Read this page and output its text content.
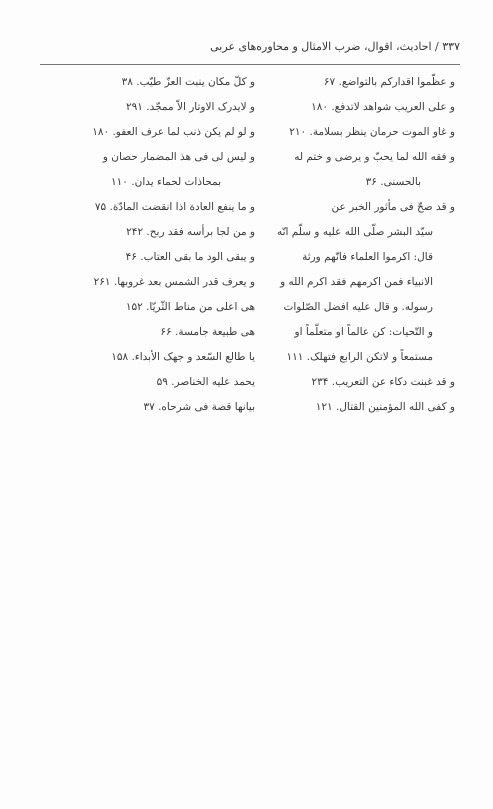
۳۳۷ / احادیث، اقوال، ضرب الامثال و محاوره‌های عربی
و عظّموا اقدارکم بالتواضع. ۶۷
و علی العریب شواهد لاتدفع. ۱۸۰
و غاو الموت حرمان ینظر بسلامة. ۲۱۰
و فقه الله لما یحبّ و یرضی و ختم له
بالحسنی. ۳۶
و قد صحّ فی مأثور الخبر عن
سیّد البشر صلّی الله علیه و سلّم انّه
قال: اکرموا العلماء فانّهم ورثة
الانبیاء فمن اکرمهم فقد اکرم الله و
رسوله. و قال علیه افضل الصّلوات
و التّحیات: کن عالماً او متعلّماً او
مستمعاً و لاتکن الرابع فتهلک. ۱۱۱
و قد غبنت دکاء عن التعریب. ۲۳۴
و کفی الله المؤمنین القتال. ۱۲۱
و کلّ مکان ینبت العزّ طیّب. ۳۸
و لایدرک الاوتار الاّ ممجّد. ۲۹۱
و لو لم یکن ذنب لما عرف العفو. ۱۸۰
و لیس لی فی هذ المضمار حصان و
بمحاذات لحماء یدان. ۱۱۰
و ما ینفع العادة اذا انقضت المادّة. ۷۵
و من لجا برأسه فقد ربح. ۲۴۲
و یبقی الود ما بقی العتاب. ۴۶
و یعرف قدر الشمس بعد غروبها. ۲۶۱
هی اعلی من مناط الثّریّا. ۱۵۲
هی طبیعة جامسة. ۶۶
یا طالع السّعد و جهک الأبداء. ۱۵۸
یحمد علیه الخناصر. ۵۹
بیانها قصة فی شرحاه. ۳۷
